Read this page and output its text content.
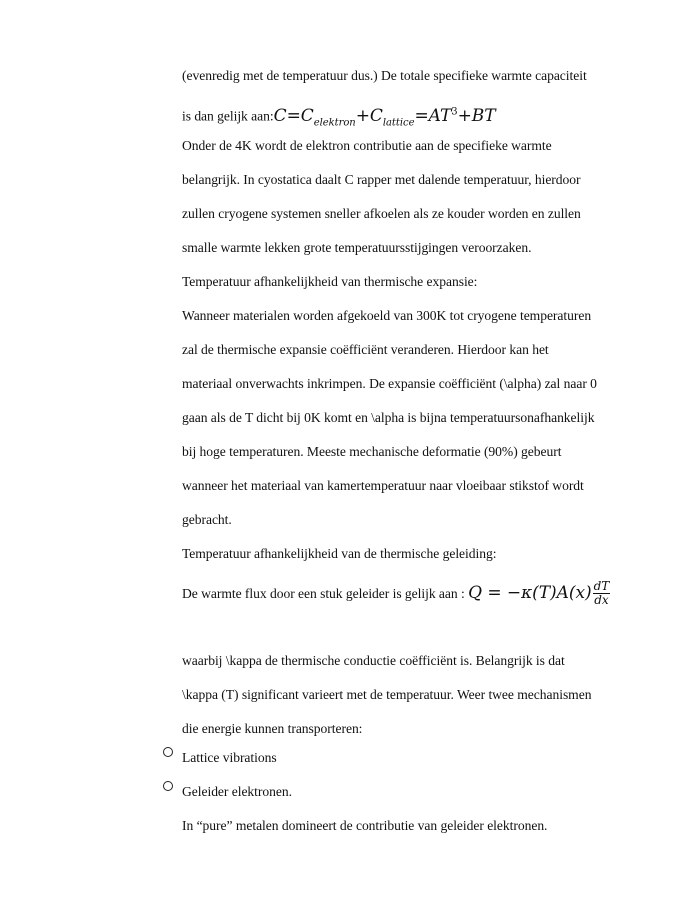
(evenredig met de temperatuur dus.) De totale specifieke warmte capaciteit
is dan gelijk $aan:C=C_{elektron}+C_{lattice}=AT^3+BT$
Onder de 4K wordt de elektron contributie aan de specifieke warmte
belangrijk. In cyostatica daalt C rapper met dalende temperatuur, hierdoor
zullen cryogene systemen sneller afkoelen als ze kouder worden en zullen
smalle warmte lekken grote temperatuursstijgingen veroorzaken.
Temperatuur afhankelijkheid van thermische expansie:
Wanneer materialen worden afgekoeld van 300K tot cryogene temperaturen
zal de thermische expansie coëfficiënt veranderen. Hierdoor kan het
materiaal onverwachts inkrimpen. De expansie coëfficiënt (\alpha) zal naar 0
gaan als de T dicht bij 0K komt en \alpha is bijna temperatuursonafhankelijk
bij hoge temperaturen. Meeste mechanische deformatie (90%) gebeurt
wanneer het materiaal van kamertemperatuur naar vloeibaar stikstof wordt
gebracht.
Temperatuur afhankelijkheid van de thermische geleiding:
De warmte flux door een stuk geleider is gelijk aan : $Q = -\kappa(T)A(x) \frac{dT}{dx}$
waarbij \kappa de thermische conductie coëfficiënt is. Belangrijk is dat
\kappa (T) significant varieert met de temperatuur. Weer twee mechanismen
die energie kunnen transporteren:
Lattice vibrations
Geleider elektronen.
In “pure” metalen domineert de contributie van geleider elektronen.
